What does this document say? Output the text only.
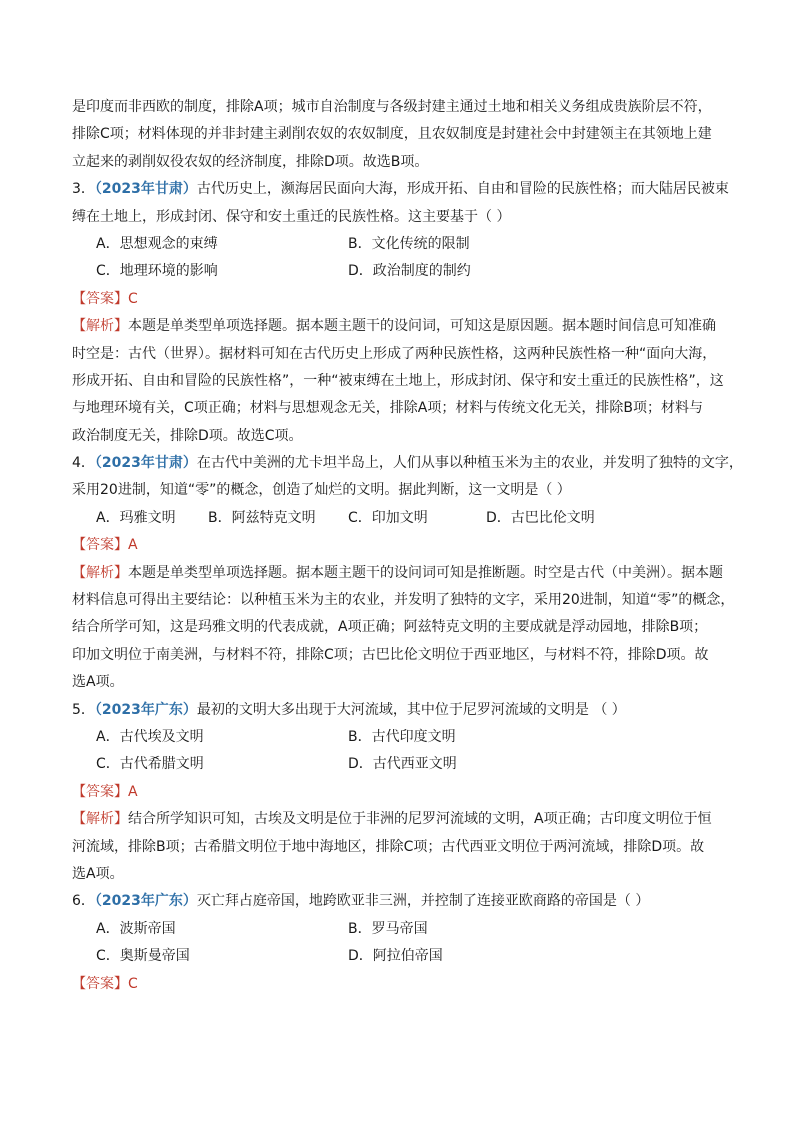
是印度而非西欧的制度，排除A项；城市自治制度与各级封建主通过土地和相关义务组成贵族阶层不符，
排除C项；材料体现的并非封建主剥削农奴的农奴制度，且农奴制度是封建社会中封建领主在其领地上建
立起来的剥削奴役农奴的经济制度，排除D项。故选B项。
3．（2023年甘肃）古代历史上，濒海居民面向大海，形成开拓、自由和冒险的民族性格；而大陆居民被束
缚在土地上，形成封闭、保守和安土重迁的民族性格。这主要基于（ ）
A．思想观念的束缚	B．文化传统的限制
C．地理环境的影响	D．政治制度的制约
【答案】C
【解析】本题是单类型单项选择题。据本题主题干的设问词，可知这是原因题。据本题时间信息可知准确
时空是：古代（世界）。据材料可知在古代历史上形成了两种民族性格，这两种民族性格一种“面向大海，
形成开拓、自由和冒险的民族性格”，一种“被束缚在土地上，形成封闭、保守和安土重迁的民族性格”，这
与地理环境有关，C项正确；材料与思想观念无关，排除A项；材料与传统文化无关，排除B项；材料与
政治制度无关，排除D项。故选C项。
4．（2023年甘肃）在古代中美洲的尤卡坦半岛上，人们从事以种植玉米为主的农业，并发明了独特的文字，
采用20进制，知道“零”的概念，创造了灿烂的文明。据此判断，这一文明是（ ）
A．玛雅文明 B．阿兹特克文明 C．印加文明	D．古巴比伦文明
【答案】A
【解析】本题是单类型单项选择题。据本题主题干的设问词可知是推断题。时空是古代（中美洲）。据本题
材料信息可得出主要结论：以种植玉米为主的农业，并发明了独特的文字，采用20进制，知道“零”的概念，
结合所学可知，这是玛雅文明的代表成就，A项正确；阿兹特克文明的主要成就是浮动园地，排除B项；
印加文明位于南美洲，与材料不符，排除C项；古巴比伦文明位于西亚地区，与材料不符，排除D项。故
选A项。
5．（2023年广东）最初的文明大多出现于大河流域，其中位于尼罗河流域的文明是 （ ）
A．古代埃及文明	B．古代印度文明
C．古代希腊文明	D．古代西亚文明
【答案】A
【解析】结合所学知识可知，古埃及文明是位于非洲的尼罗河流域的文明，A项正确；古印度文明位于恒
河流域，排除B项；古希腊文明位于地中海地区，排除C项；古代西亚文明位于两河流域，排除D项。故
选A项。
6．（2023年广东）灭亡拜占庭帝国，地跨欧亚非三洲，并控制了连接亚欧商路的帝国是（ ）
A．波斯帝国	B．罗马帝国
C．奥斯曼帝国	D．阿拉伯帝国
【答案】C
